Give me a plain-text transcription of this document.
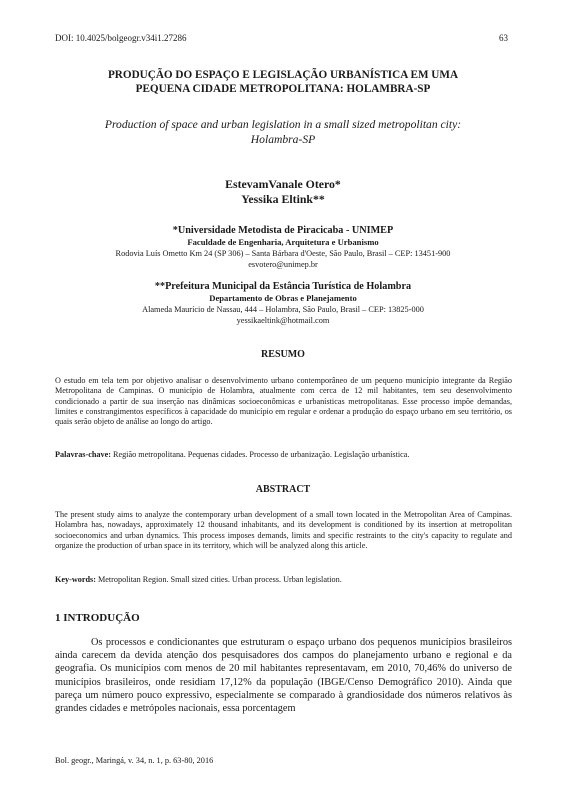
DOI: 10.4025/bolgeogr.v34i1.27286	63
PRODUÇÃO DO ESPAÇO E LEGISLAÇÃO URBANÍSTICA EM UMA
PEQUENA CIDADE METROPOLITANA: HOLAMBRA-SP
Production of space and urban legislation in a small sized metropolitan city:
Holambra-SP
EstevamVanale Otero*
Yessika Eltink**
*Universidade Metodista de Piracicaba - UNIMEP
Faculdade de Engenharia, Arquitetura e Urbanismo
Rodovia Luís Ometto Km 24 (SP 306) – Santa Bárbara d'Oeste, São Paulo, Brasil – CEP: 13451-900
esvotero@unimep.br
**Prefeitura Municipal da Estância Turística de Holambra
Departamento de Obras e Planejamento
Alameda Maurício de Nassau, 444 – Holambra, São Paulo, Brasil – CEP: 13825-000
yessikaeltink@hotmail.com
RESUMO
O estudo em tela tem por objetivo analisar o desenvolvimento urbano contemporâneo de um pequeno município integrante da Região Metropolitana de Campinas. O município de Holambra, atualmente com cerca de 12 mil habitantes, tem seu desenvolvimento condicionado a partir de sua inserção nas dinâmicas socioeconômicas e urbanísticas metropolitanas. Esse processo impõe demandas, limites e constrangimentos específicos à capacidade do município em regular e ordenar a produção do espaço urbano em seu território, os quais serão objeto de análise ao longo do artigo.
Palavras-chave: Região metropolitana. Pequenas cidades. Processo de urbanização. Legislação urbanística.
ABSTRACT
The present study aims to analyze the contemporary urban development of a small town located in the Metropolitan Area of Campinas. Holambra has, nowadays, approximately 12 thousand inhabitants, and its development is conditioned by its insertion at metropolitan socioeconomics and urban dynamics. This process imposes demands, limits and specific restraints to the city's capacity to regulate and organize the production of urban space in its territory, which will be analyzed along this article.
Key-words: Metropolitan Region. Small sized cities. Urban process. Urban legislation.
1 INTRODUÇÃO
Os processos e condicionantes que estruturam o espaço urbano dos pequenos municípios brasileiros ainda carecem da devida atenção dos pesquisadores dos campos do planejamento urbano e regional e da geografia. Os municípios com menos de 20 mil habitantes representavam, em 2010, 70,46% do universo de municípios brasileiros, onde residiam 17,12% da população (IBGE/Censo Demográfico 2010). Ainda que pareça um número pouco expressivo, especialmente se comparado à grandiosidade dos números relativos às grandes cidades e metrópoles nacionais, essa porcentagem
Bol. geogr., Maringá, v. 34, n. 1, p. 63-80, 2016
